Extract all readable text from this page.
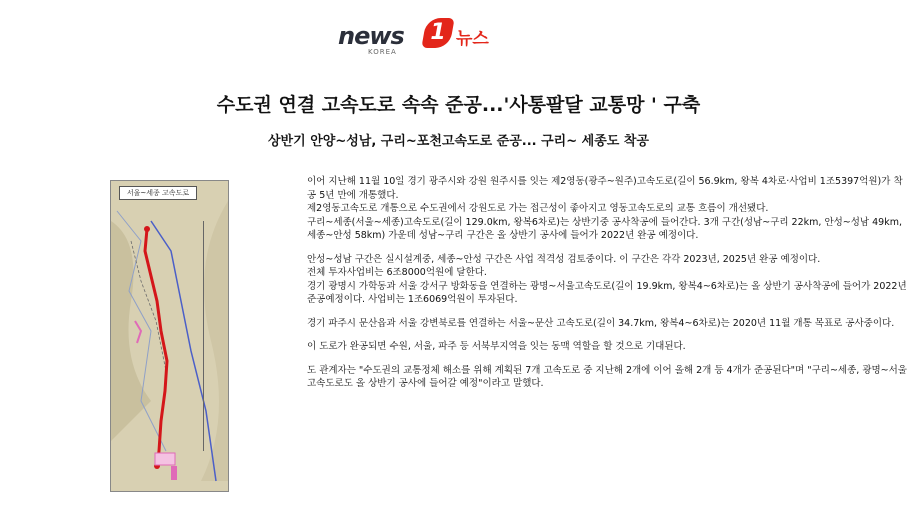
news 1 뉴스
KOREA
수도권 연결 고속도로 속속 준공...'사통팔달 교통망 ' 구축
상반기 안양~성남, 구리~포천고속도로 준공... 구리~ 세종도 착공
서울~세종 고속도로

이어 지난해 11월 10일 경기 광주시와 강원 원주시를 잇는 제2영동(광주~원주)고속도로(길이 56.9km, 왕복 4차로·사업비 1조5397억원)가 착공 5년 만에 개통했다.

제2영동고속도로 개통으로 수도권에서 강원도로 가는 접근성이 좋아지고 영동고속도로의 교통 흐름이 개선됐다.

구리~세종(서울~세종)고속도로(길이 129.0km, 왕복6차로)는 상반기중 공사착공에 들어간다. 3개 구간(성남~구리 22km, 안성~성남 49km, 세종~안성 58km) 가운데 성남~구리 구간은 올 상반기 공사에 들어가 2022년 완공 예정이다.

안성~성남 구간은 실시설계중, 세종~안성 구간은 사업 적격성 검토중이다. 이 구간은 각각 2023년, 2025년 완공 예정이다.

전체 투자사업비는 6조8000억원에 달한다.

경기 광명시 가학동과 서울 강서구 방화동을 연결하는 광명~서울고속도로(길이 19.9km, 왕복4~6차로)는 올 상반기 공사착공에 들어가 2022년 준공예정이다. 사업비는 1조6069억원이 투자된다.

경기 파주시 문산읍과 서울 강변북로를 연결하는 서울~문산 고속도로(길이 34.7km, 왕복4~6차로)는 2020년 11월 개통 목표로 공사중이다.

이 도로가 완공되면 수원, 서울, 파주 등 서북부지역을 잇는 동맥 역할을 할 것으로 기대된다.

도 관계자는 "수도권의 교통정체 해소를 위해 계획된 7개 고속도로 중 지난해 2개에 이어 올해 2개 등 4개가 준공된다"며 "구리~세종, 광명~서울 고속도로도 올 상반기 공사에 들어갈 예정"이라고 말했다.
